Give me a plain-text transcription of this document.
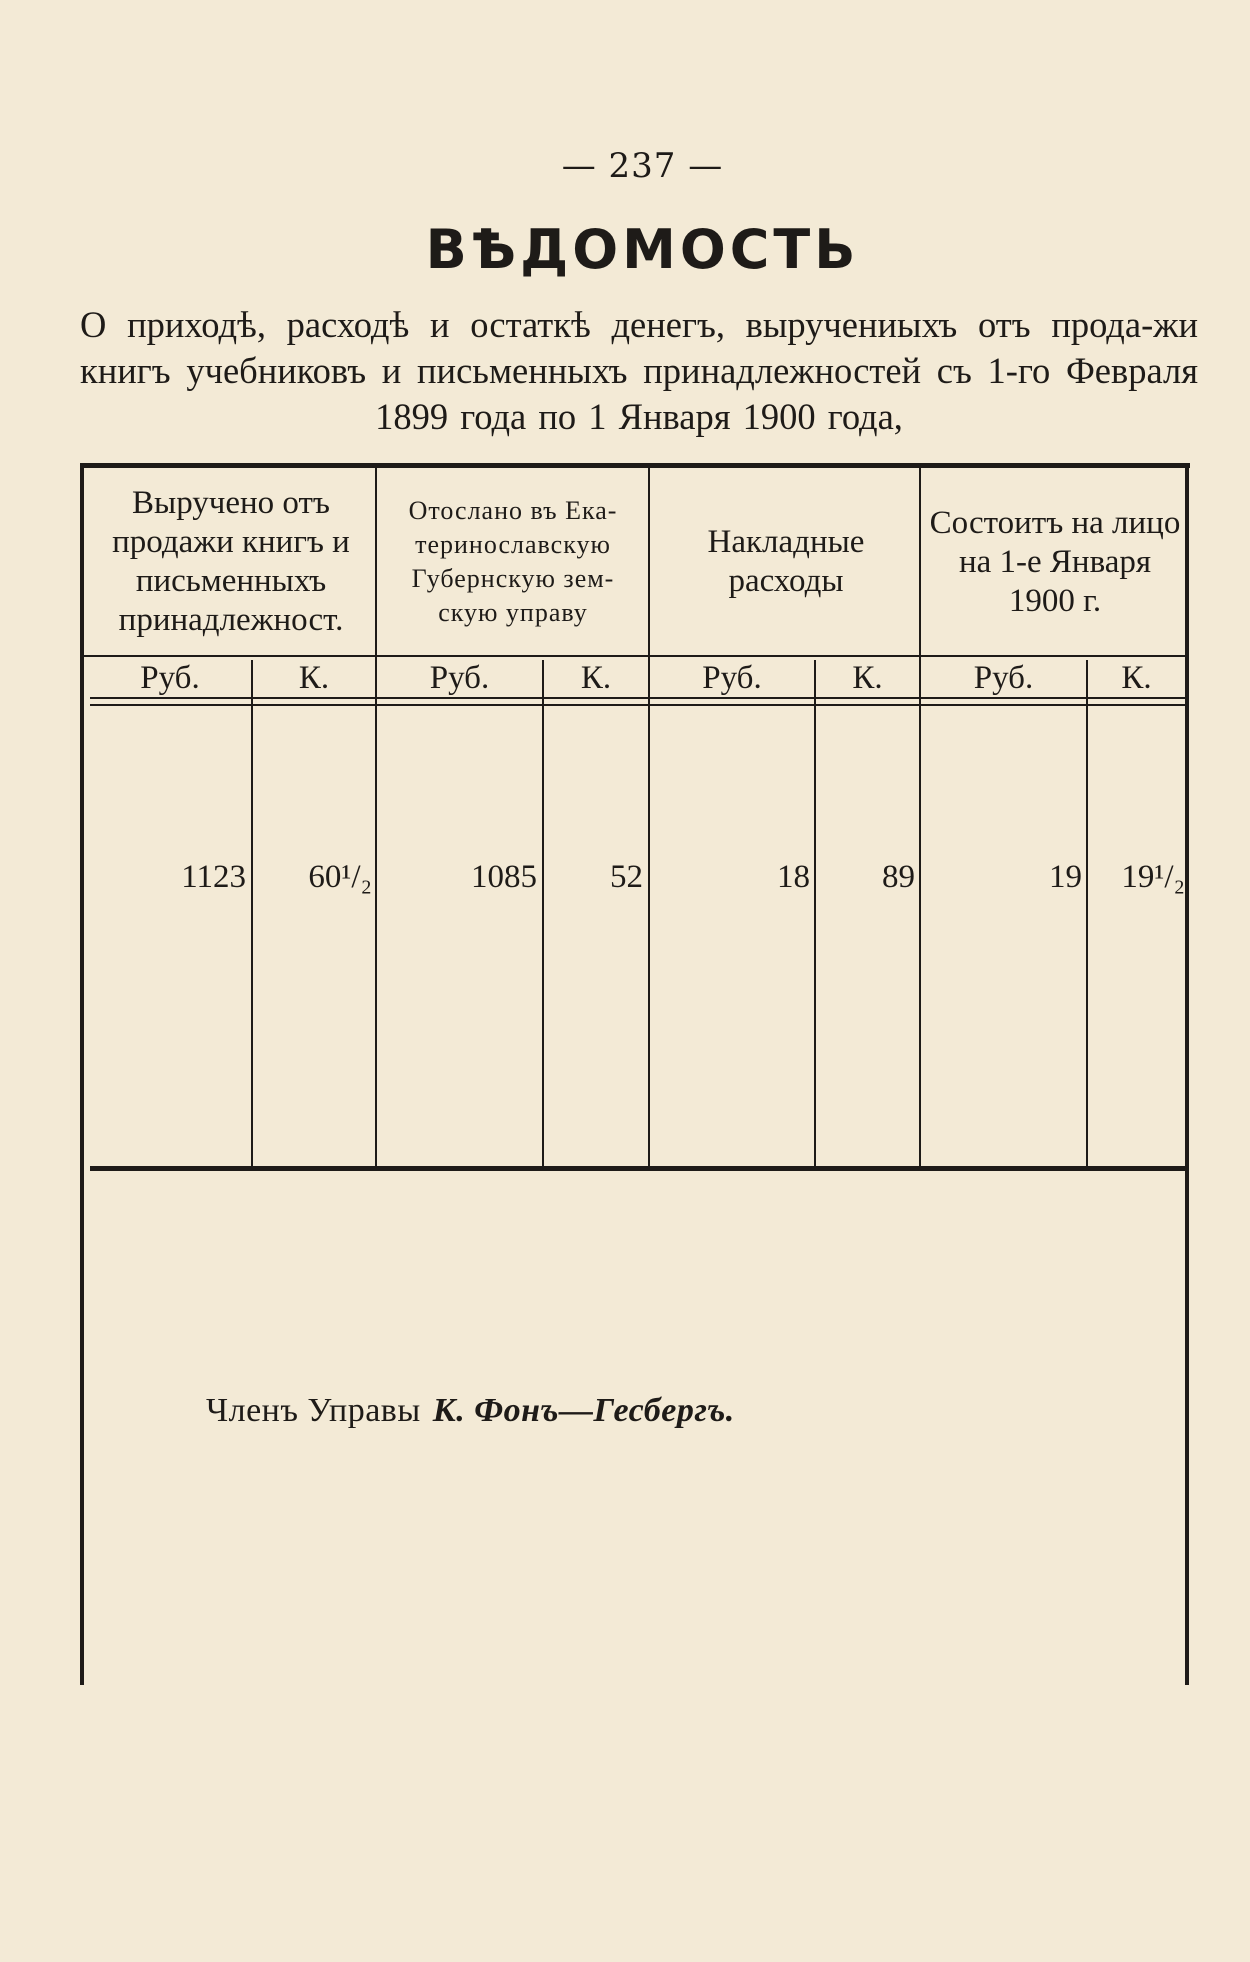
— 237 —
ВѢДОМОСТЬ
О приходѣ, расходѣ и остаткѣ денегъ, выручениыхъ отъ прода-жи книгъ учебниковъ и письменныхъ принадлежностей съ 1-го Февраля 1899 года по 1 Января 1900 года,
Выручено отъ продажи книгъ и письменныхъ принадлежност.
Отослано въ Ека-теринославскую Губернскую зем-скую управу
Накладные расходы
Состоитъ на лицо на 1-е Января 1900 г.
Руб.	К.	Руб.	К.	Руб.	К.	Руб.	К.
1123	60¹/₂	1085	52	18	89	19	19¹/₂
Членъ Управы К. Фонъ—Гесбергъ.
